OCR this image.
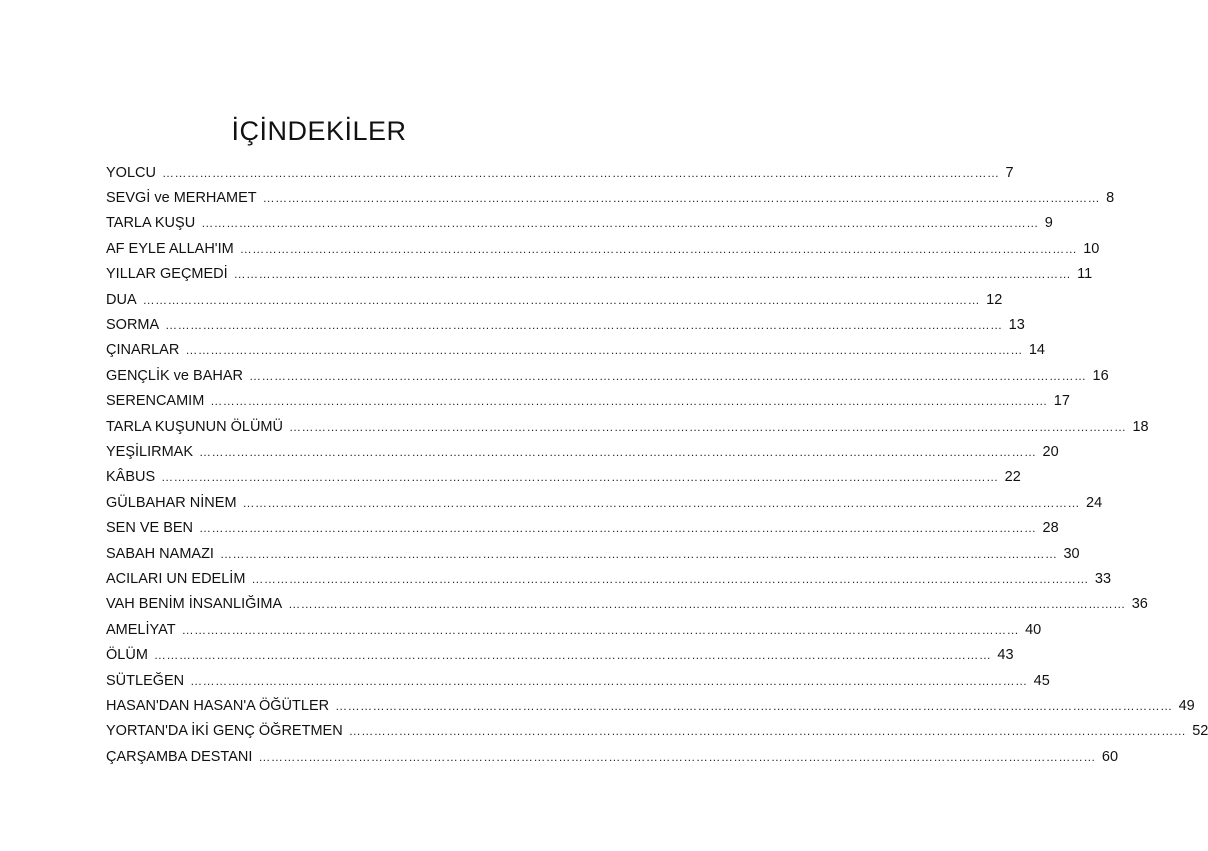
İÇİNDEKİLER
YOLCU ………………………………………………………………………………………………………………………………………………………………………………… 7
SEVGİ ve MERHAMET ………………………………………………………………………………………………………………………………………………………………………………… 8
TARLA KUŞU ………………………………………………………………………………………………………………………………………………………………………………… 9
AF EYLE ALLAH'IM ………………………………………………………………………………………………………………………………………………………………………………… 10
YILLAR GEÇMEDİ ………………………………………………………………………………………………………………………………………………………………………………… 11
DUA ………………………………………………………………………………………………………………………………………………………………………………… 12
SORMA ………………………………………………………………………………………………………………………………………………………………………………… 13
ÇINARLAR ………………………………………………………………………………………………………………………………………………………………………………… 14
GENÇLİK ve BAHAR ………………………………………………………………………………………………………………………………………………………………………………… 16
SERENCAMIM ………………………………………………………………………………………………………………………………………………………………………………… 17
TARLA KUŞUNUN ÖLÜMÜ ………………………………………………………………………………………………………………………………………………………………………………… 18
YEŞİLIRMAK ………………………………………………………………………………………………………………………………………………………………………………… 20
KÂBUS ………………………………………………………………………………………………………………………………………………………………………………… 22
GÜLBAHAR NİNEM ………………………………………………………………………………………………………………………………………………………………………………… 24
SEN VE BEN ………………………………………………………………………………………………………………………………………………………………………………… 28
SABAH NAMAZI ………………………………………………………………………………………………………………………………………………………………………………… 30
ACILARI UN EDELİM ………………………………………………………………………………………………………………………………………………………………………………… 33
VAH BENİM İNSANLIĞIMA ………………………………………………………………………………………………………………………………………………………………………………… 36
AMELİYAT ………………………………………………………………………………………………………………………………………………………………………………… 40
ÖLÜM ………………………………………………………………………………………………………………………………………………………………………………… 43
SÜTLEĞEN ………………………………………………………………………………………………………………………………………………………………………………… 45
HASAN'DAN HASAN'A ÖĞÜTLER ………………………………………………………………………………………………………………………………………………………………………………… 49
YORTAN'DA İKİ GENÇ ÖĞRETMEN ………………………………………………………………………………………………………………………………………………………………………………… 52
ÇARŞAMBA DESTANI ………………………………………………………………………………………………………………………………………………………………………………… 60
